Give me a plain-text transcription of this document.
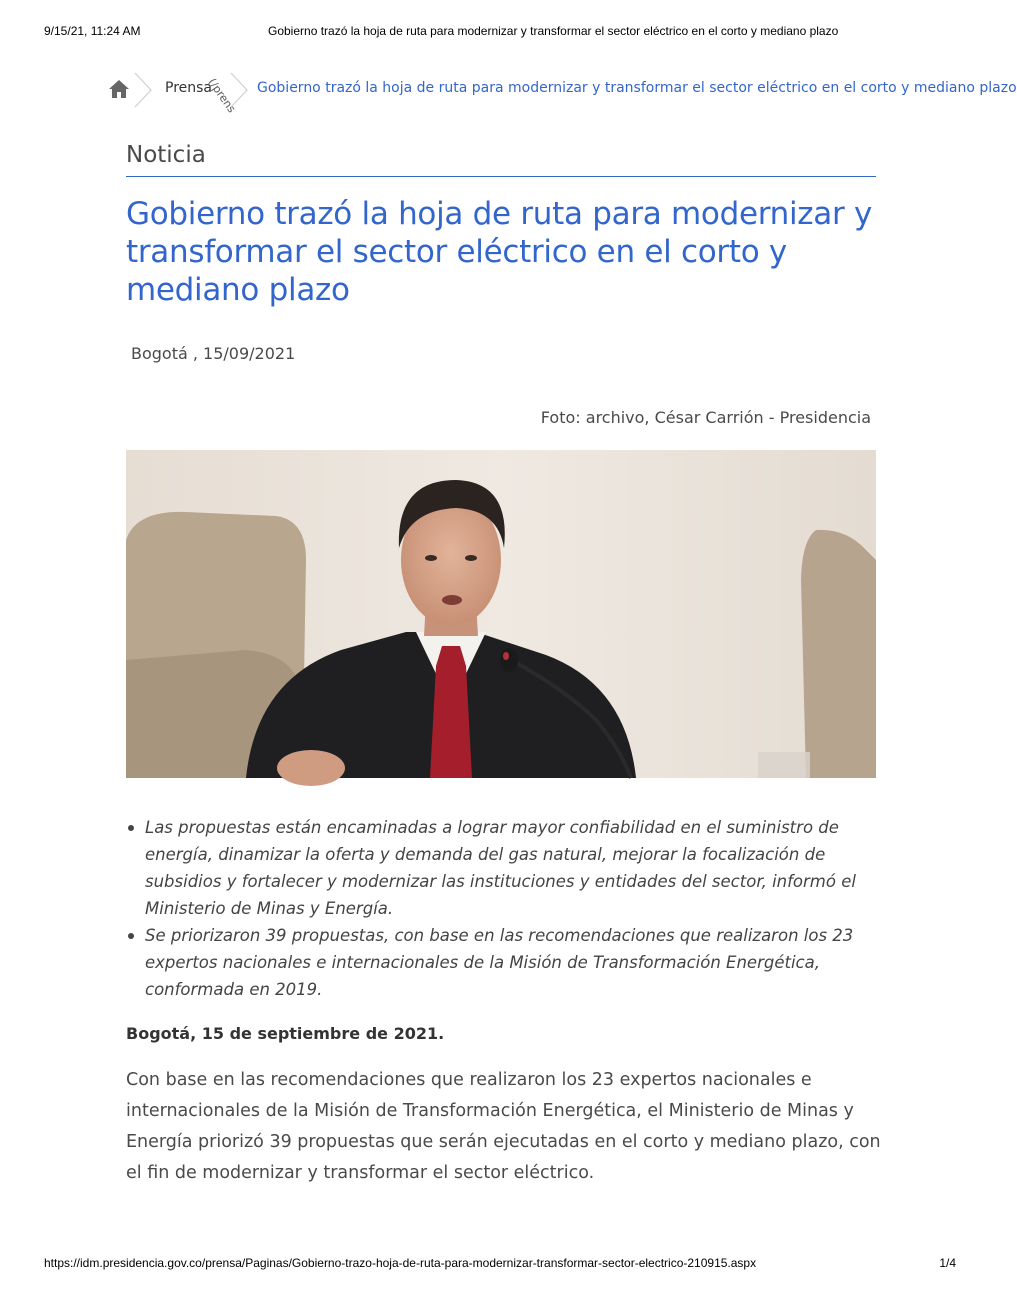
9/15/21, 11:24 AM	Gobierno trazó la hoja de ruta para modernizar y transformar el sector eléctrico en el corto y mediano plazo
Prensa
(/prens Gobierno trazó la hoja de ruta para modernizar y transformar el sector eléctrico en el corto y mediano plazo
Noticia
Gobierno trazó la hoja de ruta para modernizar y transformar el sector eléctrico en el corto y mediano plazo
Bogotá , 15/09/2021
Foto: archivo, César Carrión - Presidencia
Las propuestas están encaminadas a lograr mayor confiabilidad en el suministro de energía, dinamizar la oferta y demanda del gas natural, mejorar la focalización de subsidios y fortalecer y modernizar las instituciones y entidades del sector, informó el Ministerio de Minas y Energía.
Se priorizaron 39 propuestas, con base en las recomendaciones que realizaron los 23 expertos nacionales e internacionales de la Misión de Transformación Energética, conformada en 2019.
Bogotá, 15 de septiembre de 2021.

Con base en las recomendaciones que realizaron los 23 expertos nacionales e internacionales de la Misión de Transformación Energética, el Ministerio de Minas y Energía priorizó 39 propuestas que serán ejecutadas en el corto y mediano plazo, con el fin de modernizar y transformar el sector eléctrico.

https://idm.presidencia.gov.co/prensa/Paginas/Gobierno-trazo-hoja-de-ruta-para-modernizar-transformar-sector-electrico-210915.aspx	1/4
